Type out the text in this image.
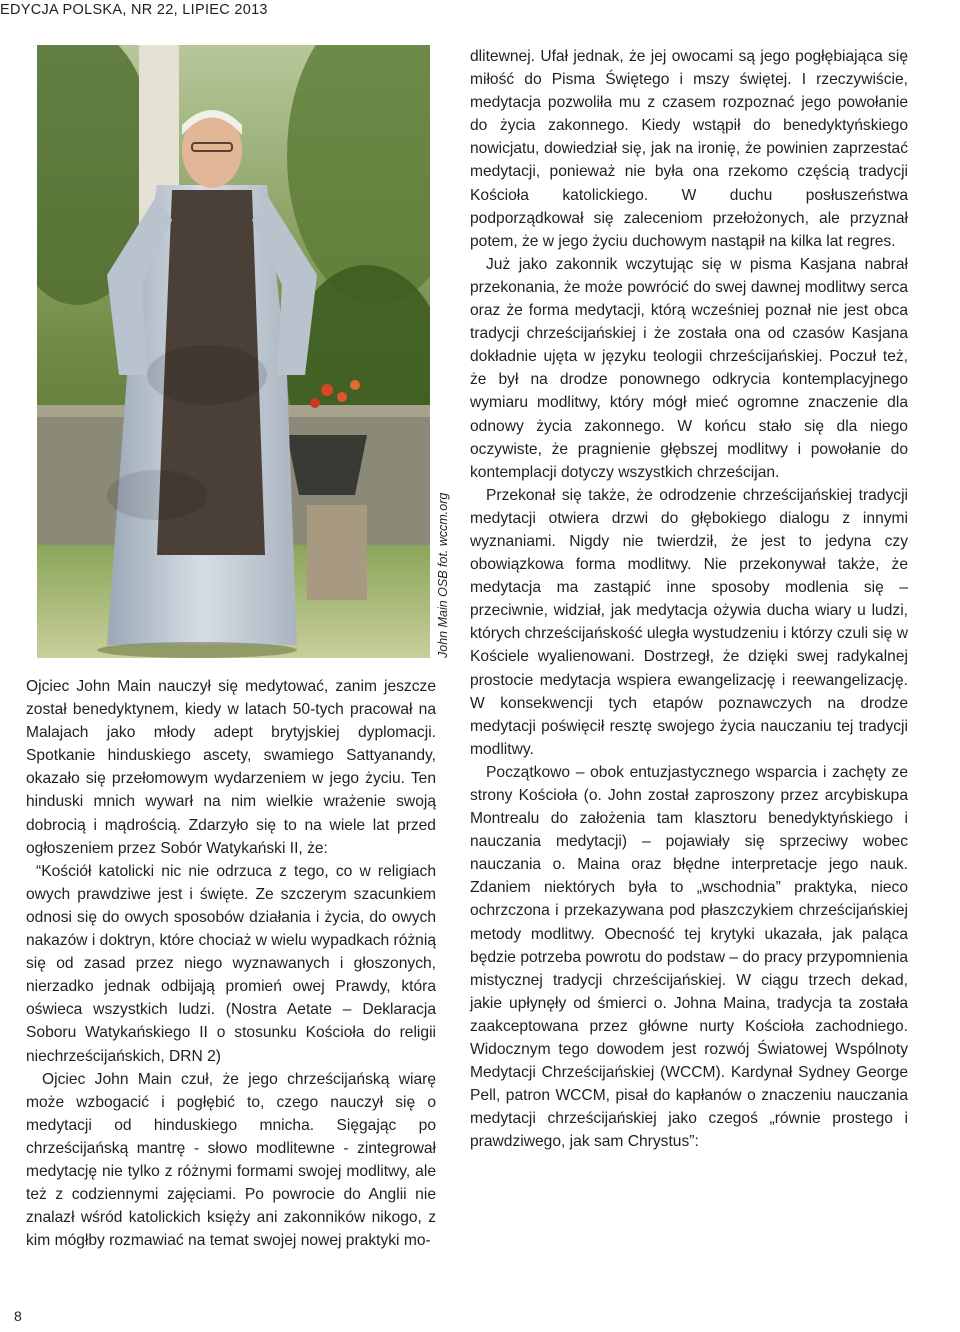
EDYCJA POLSKA, NR 22, LIPIEC 2013
John Main OSB fot. wccm.org

Ojciec John Main nauczył się medytować, zanim jeszcze został benedyktynem, kiedy w latach 50-tych pracował na Malajach jako młody adept brytyjskiej dyplomacji. Spotkanie hinduskiego ascety, swamiego Sattyanandy, okazało się przełomowym wydarzeniem w jego życiu. Ten hinduski mnich wywarł na nim wielkie wrażenie swoją dobrocią i mądrością. Zdarzyło się to na wiele lat przed ogłoszeniem przez Sobór Watykański II, że:

“Kościół katolicki nic nie odrzuca z tego, co w religiach owych prawdziwe jest i święte. Ze szczerym szacunkiem odnosi się do owych sposobów działania i życia, do owych nakazów i doktryn, które chociaż w wielu wypadkach różnią się od zasad przez niego wyznawanych i głoszonych, nierzadko jednak odbijają promień owej Prawdy, która oświeca wszystkich ludzi. (Nostra Aetate – Deklaracja Soboru Watykańskiego II o stosunku Kościoła do religii niechrześcijańskich, DRN 2)

Ojciec John Main czuł, że jego chrześcijańską wiarę może wzbogacić i pogłębić to, czego nauczył się o medytacji od hinduskiego mnicha. Sięgając po chrześcijańską mantrę - słowo modlitewne - zintegrował medytację nie tylko z różnymi formami swojej modlitwy, ale też z codziennymi zajęciami. Po powrocie do Anglii nie znalazł wśród katolickich księży ani zakonników nikogo, z kim mógłby rozmawiać na temat swojej nowej praktyki mo-

dlitewnej. Ufał jednak, że jej owocami są jego pogłębiająca się miłość do Pisma Świętego i mszy świętej. I rzeczywiście, medytacja pozwoliła mu z czasem rozpoznać jego powołanie do życia zakonnego. Kiedy wstąpił do benedyktyńskiego nowicjatu, dowiedział się, jak na ironię, że powinien zaprzestać medytacji, ponieważ nie była ona rzekomo częścią tradycji Kościoła katolickiego. W duchu posłuszeństwa podporządkował się zaleceniom przełożonych, ale przyznał potem, że w jego życiu duchowym nastąpił na kilka lat regres.

Już jako zakonnik wczytując się w pisma Kasjana nabrał przekonania, że może powrócić do swej dawnej modlitwy serca oraz że forma medytacji, którą wcześniej poznał nie jest obca tradycji chrześcijańskiej i że została ona od czasów Kasjana dokładnie ujęta w języku teologii chrześcijańskiej. Poczuł też, że był na drodze ponownego odkrycia kontemplacyjnego wymiaru modlitwy, który mógł mieć ogromne znaczenie dla odnowy życia zakonnego. W końcu stało się dla niego oczywiste, że pragnienie głębszej modlitwy i powołanie do kontemplacji dotyczy wszystkich chrześcijan.

Przekonał się także, że odrodzenie chrześcijańskiej tradycji medytacji otwiera drzwi do głębokiego dialogu z innymi wyznaniami. Nigdy nie twierdził, że jest to jedyna czy obowiązkowa forma modlitwy. Nie przekonywał także, że medytacja ma zastąpić inne sposoby modlenia się – przeciwnie, widział, jak medytacja ożywia ducha wiary u ludzi, których chrześcijańskość uległa wystudzeniu i którzy czuli się w Kościele wyalienowani. Dostrzegł, że dzięki swej radykalnej prostocie medytacja wspiera ewangelizację i reewangelizację. W konsekwencji tych etapów poznawczych na drodze medytacji poświęcił resztę swojego życia nauczaniu tej tradycji modlitwy.

Początkowo – obok entuzjastycznego wsparcia i zachęty ze strony Kościoła (o. John został zaproszony przez arcybiskupa Montrealu do założenia tam klasztoru benedyktyńskiego i nauczania medytacji) – pojawiały się sprzeciwy wobec nauczania o. Maina oraz błędne interpretacje jego nauk. Zdaniem niektórych była to „wschodnia” praktyka, nieco ochrzczona i przekazywana pod płaszczykiem chrześcijańskiej metody modlitwy. Obecność tej krytyki ukazała, jak paląca będzie potrzeba powrotu do podstaw – do pracy przypomnienia mistycznej tradycji chrześcijańskiej. W ciągu trzech dekad, jakie upłynęły od śmierci o. Johna Maina, tradycja ta została zaakceptowana przez główne nurty Kościoła zachodniego. Widocznym tego dowodem jest rozwój Światowej Wspólnoty Medytacji Chrześcijańskiej (WCCM). Kardynał Sydney George Pell, patron WCCM, pisał do kapłanów o znaczeniu nauczania medytacji chrześcijańskiej jako czegoś „równie prostego i prawdziwego, jak sam Chrystus”:

8
